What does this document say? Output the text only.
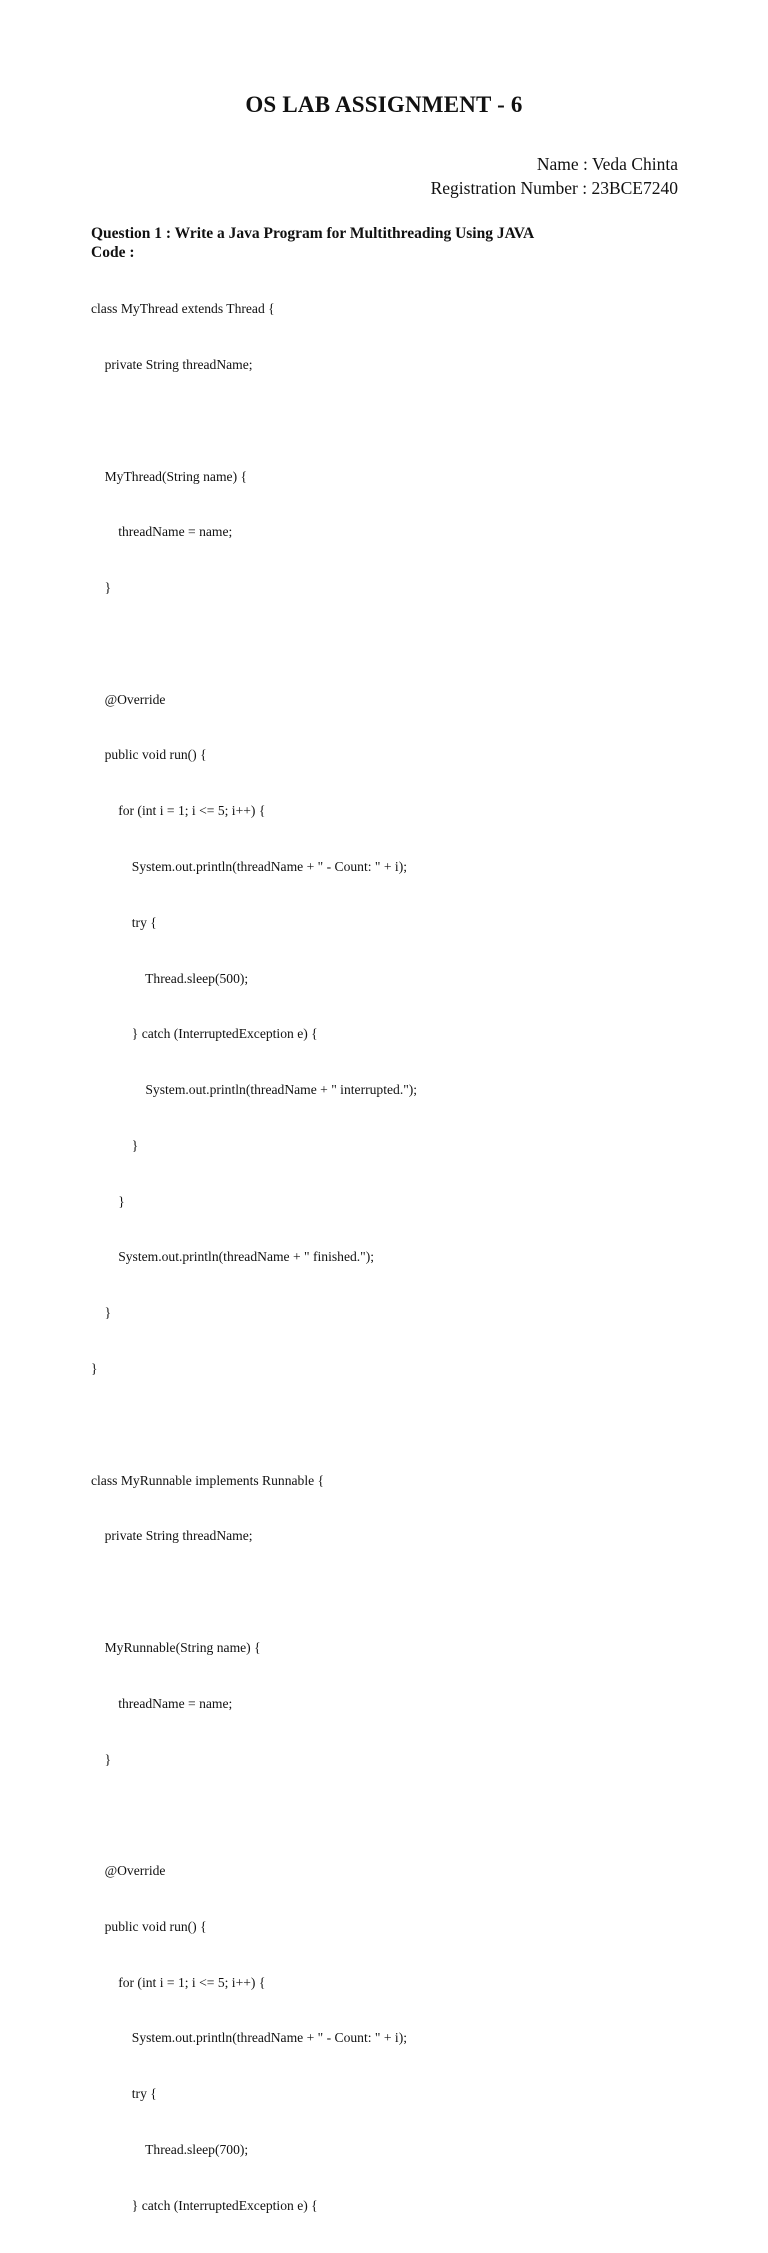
OS LAB ASSIGNMENT - 6
Name : Veda Chinta
Registration Number : 23BCE7240
Question 1 : Write a Java Program for Multithreading Using JAVA
Code :

class MyThread extends Thread {

private String threadName;

MyThread(String name) {

threadName = name;

}

@Override

public void run() {

for (int i = 1; i <= 5; i++) {

System.out.println(threadName + " - Count: " + i);

try {

Thread.sleep(500);

} catch (InterruptedException e) {

System.out.println(threadName + " interrupted.");

}

}

System.out.println(threadName + " finished.");

}

}

class MyRunnable implements Runnable {

private String threadName;

MyRunnable(String name) {

threadName = name;

}

@Override

public void run() {

for (int i = 1; i <= 5; i++) {

System.out.println(threadName + " - Count: " + i);

try {

Thread.sleep(700);

} catch (InterruptedException e) {
